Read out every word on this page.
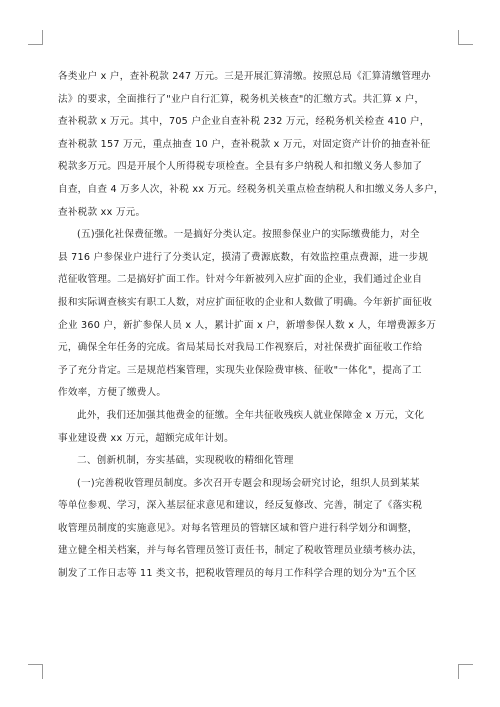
各类业户 x 户，查补税款 247 万元。三是开展汇算清缴。按照总局《汇算清缴管理办
法》的要求，全面推行了"业户自行汇算，税务机关核查"的汇缴方式。共汇算 x 户，
查补税款 x 万元。其中，705 户企业自查补税 232 万元，经税务机关检查 410 户，
查补税款 157 万元，重点抽查 10 户，查补税款 x 万元，对固定资产计价的抽查补征
税款多万元。四是开展个人所得税专项检查。全县有多户纳税人和扣缴义务人参加了
自查，自查 4 万多人次，补税 xx 万元。经税务机关重点检查纳税人和扣缴义务人多户，
查补税款 xx 万元。
(五)强化社保费征缴。一是搞好分类认定。按照参保业户的实际缴费能力，对全
县 716 户参保业户进行了分类认定，摸清了费源底数，有效监控重点费源，进一步规
范征收管理。二是搞好扩面工作。针对今年新被列入应扩面的企业，我们通过企业自
报和实际调查核实有职工人数，对应扩面征收的企业和人数做了明确。今年新扩面征收
企业 360 户，新扩参保人员 x 人，累计扩面 x 户，新增参保人数 x 人，年增费源多万
元，确保全年任务的完成。省局某局长对我局工作视察后，对社保费扩面征收工作给
予了充分肯定。三是规范档案管理，实现失业保险费审核、征收"一体化"，提高了工
作效率，方便了缴费人。
此外，我们还加强其他费金的征缴。全年共征收残疾人就业保障金 x 万元，文化
事业建设费 xx 万元，超额完成年计划。
二、创新机制，夯实基础，实现税收的精细化管理
(一)完善税收管理员制度。多次召开专题会和现场会研究讨论，组织人员到某某
等单位参观、学习，深入基层征求意见和建议，经反复修改、完善，制定了《落实税
收管理员制度的实施意见》。对每名管理员的管辖区域和管户进行科学划分和调整，
建立健全相关档案，并与每名管理员签订责任书，制定了税收管理员业绩考核办法，
制发了工作日志等 11 类文书，把税收管理员的每月工作科学合理的划分为"五个区
